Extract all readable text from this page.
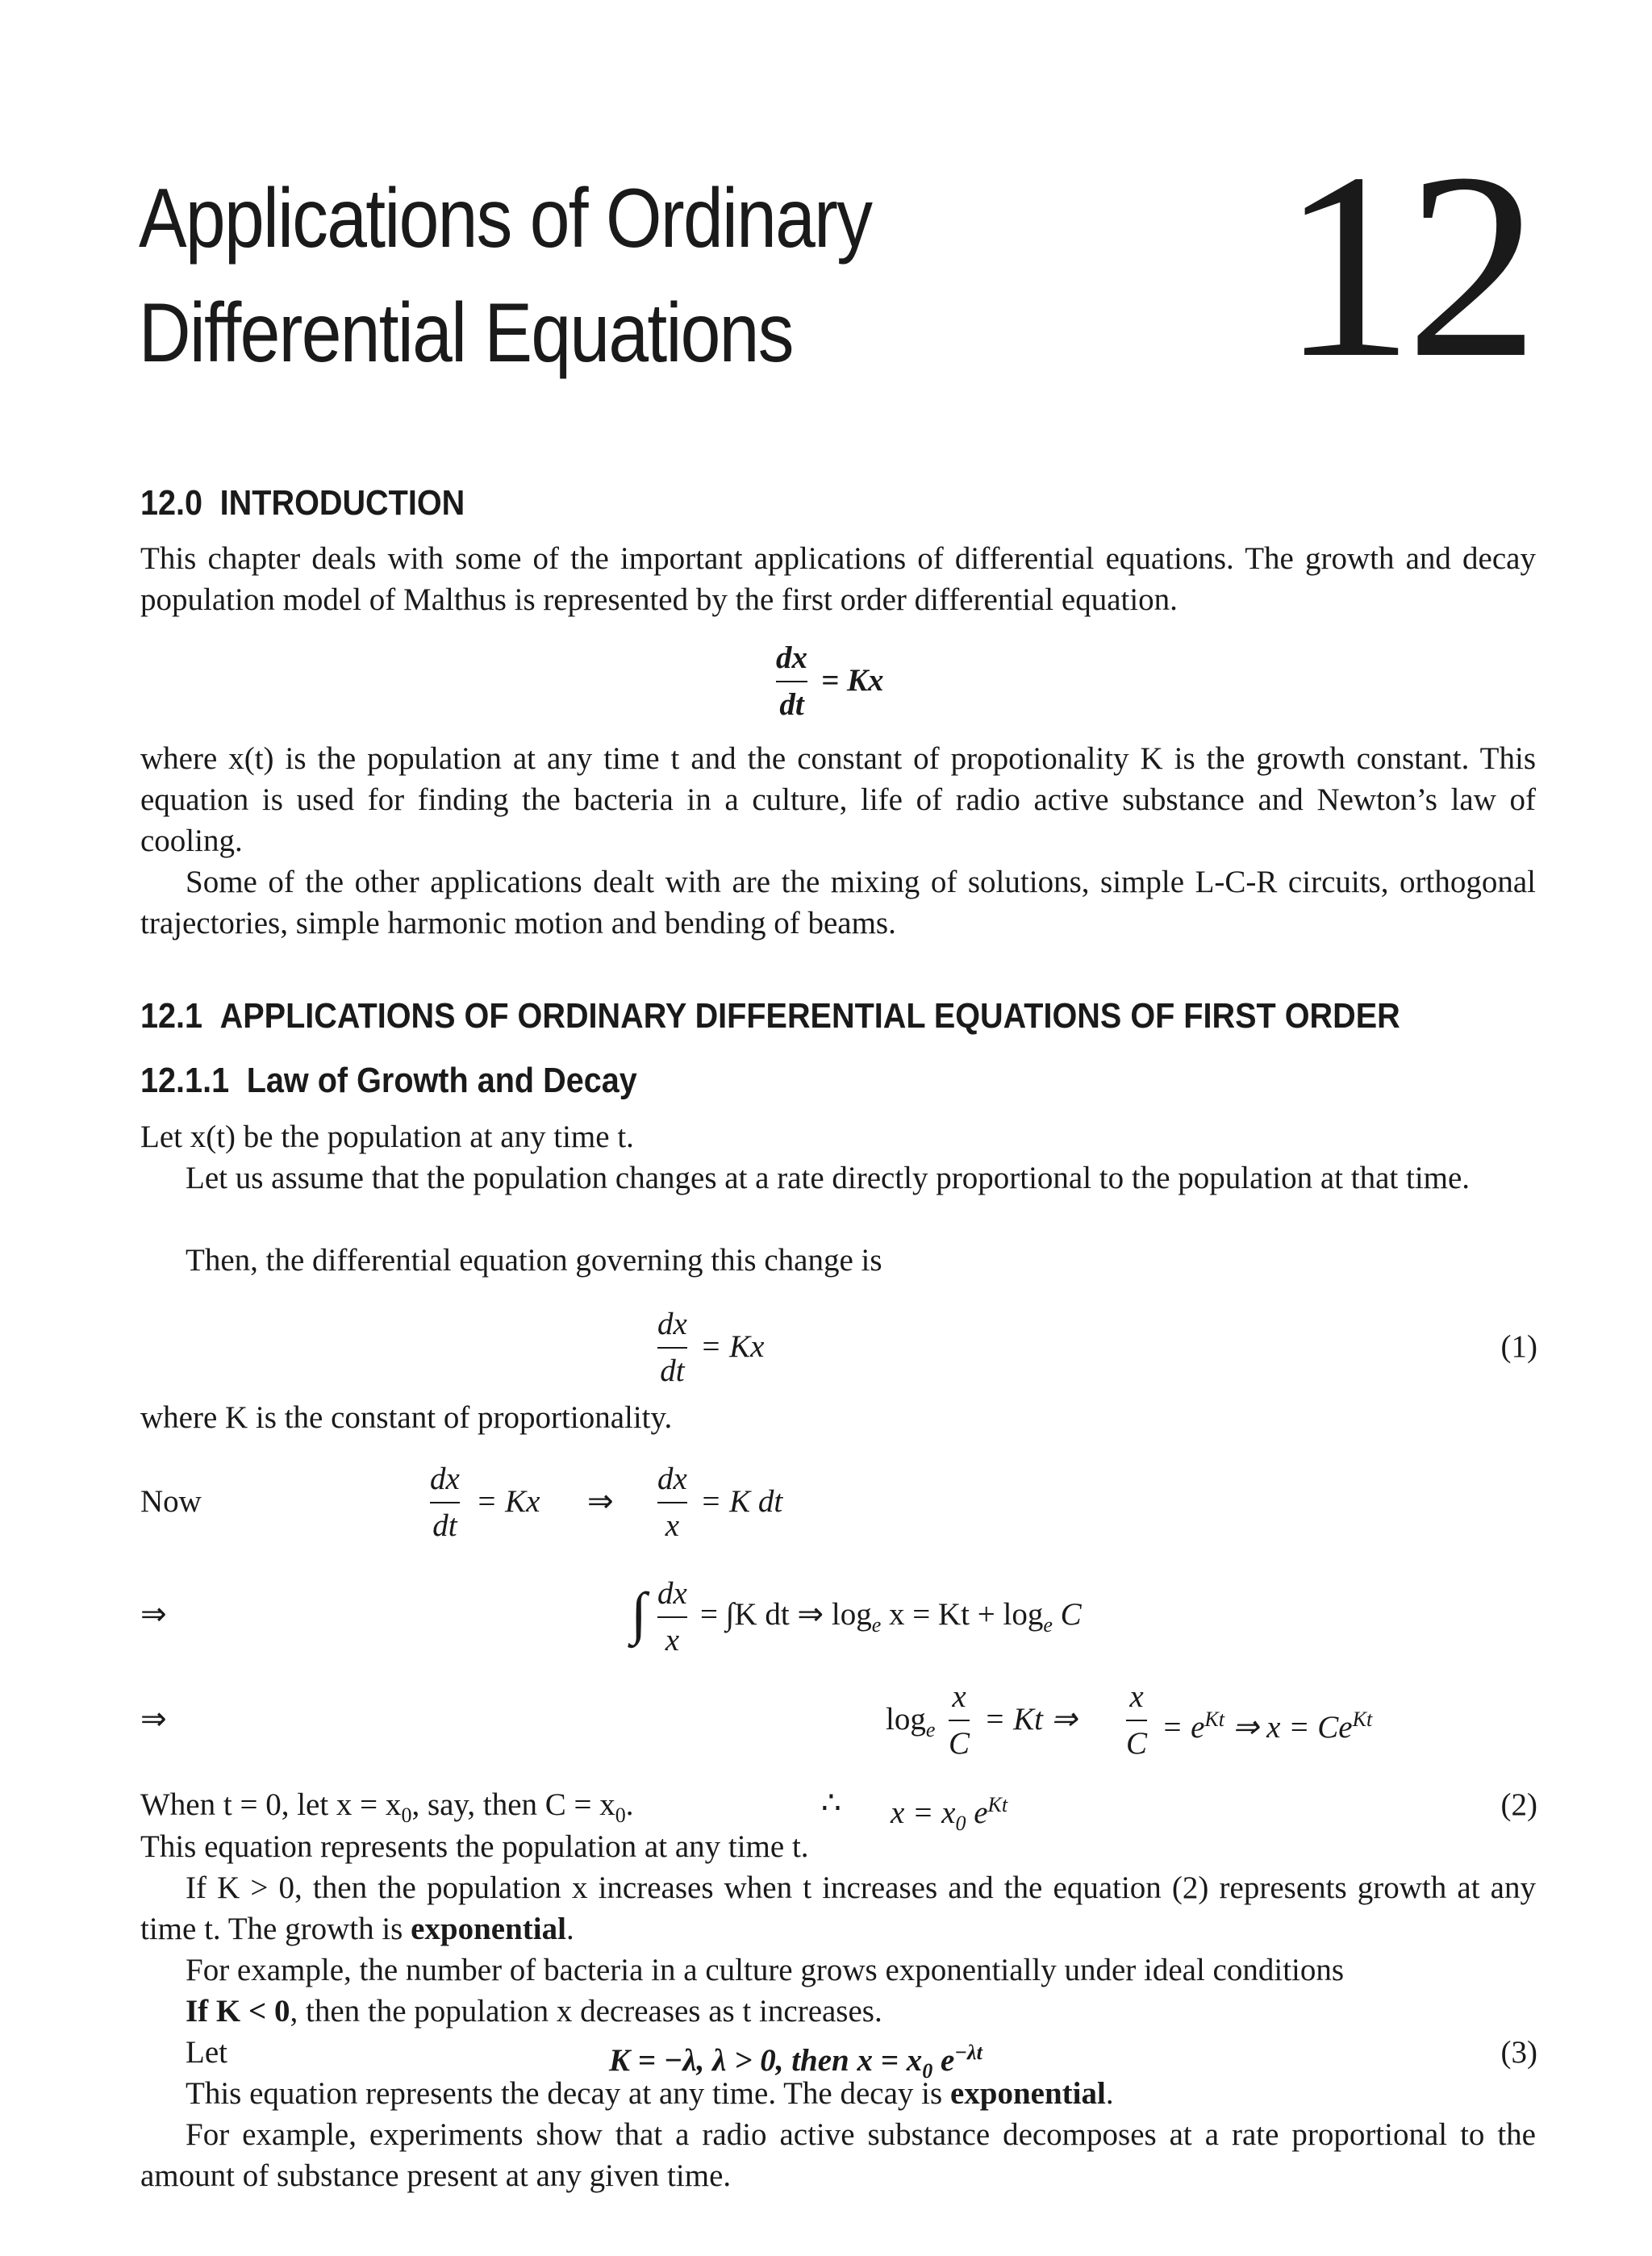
Applications of Ordinary
Differential Equations 12
12.0 INTRODUCTION
This chapter deals with some of the important applications of differential equations. The growth and decay population model of Malthus is represented by the first order differential equation.
dx
dt
= Kx
where x(t) is the population at any time t and the constant of propotionality K is the growth constant. This equation is used for finding the bacteria in a culture, life of radio active substance and Newton’s law of cooling.
Some of the other applications dealt with are the mixing of solutions, simple L-C-R circuits, orthogonal trajectories, simple harmonic motion and bending of beams.
12.1 APPLICATIONS OF ORDINARY DIFFERENTIAL EQUATIONS OF FIRST ORDER
12.1.1 Law of Growth and Decay
Let x(t) be the population at any time t.
Let us assume that the population changes at a rate directly proportional to the population at that time.
Then, the differential equation governing this change is
dx
dt
= Kx	(1)
where K is the constant of proportionality.
Now
dx
dt
= Kx ⇒
dx
x
= K dt
⇒	∫ dx
x
= ∫K dt ⇒ $\log_e x = Kt + \log_e C$
⇒	$\log_e$
x
C
= Kt ⇒
x
$C = e^{Kt}$ ⇒ $x = Ce^{Kt}$
When t = 0, let $x = x_0$, say, then $C = x_0$.	∴ $x = x_0$ $e^{Kt}$	(2)
This equation represents the population at any time t.
If K > 0, then the population x increases when t increases and the equation (2) represents growth at any time t. The growth is exponential.
For example, the number of bacteria in a culture grows exponentially under ideal conditions
If K < 0, then the population x decreases as t increases.
Let	K = −λ, λ > 0, then $x = x_0$ $e^{-\lambda t}$	(3)
This equation represents the decay at any time. The decay is exponential.
For example, experiments show that a radio active substance decomposes at a rate proportional to the amount of substance present at any given time.
